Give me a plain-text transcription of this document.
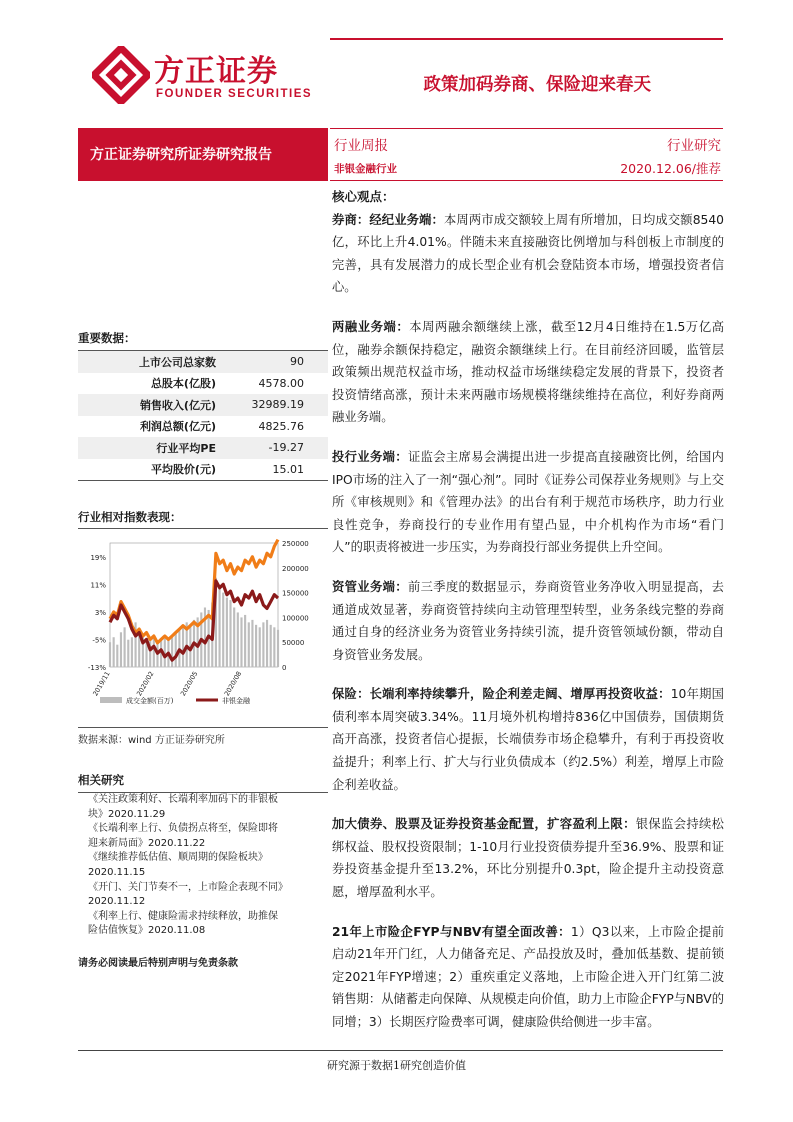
方正证券
FOUNDER SECURITIES	政策加码券商、保险迎来春天
方正证券研究所证券研究报告
行业周报	行业研究
非银金融行业	2020.12.06/推荐
核心观点：
券商：经纪业务端：本周两市成交额较上周有所增加，日均成交额8540亿，环比上升4.01%。伴随未来直接融资比例增加与科创板上市制度的完善，具有发展潜力的成长型企业有机会登陆资本市场，增强投资者信心。
两融业务端：本周两融余额继续上涨，截至12月4日维持在1.5万亿高位，融券余额保持稳定，融资余额继续上行。在目前经济回暖，监管层政策频出规范权益市场，推动权益市场继续稳定发展的背景下，投资者投资情绪高涨，预计未来两融市场规模将继续维持在高位，利好券商两融业务端。
投行业务端：证监会主席易会满提出进一步提高直接融资比例，给国内IPO市场的注入了一剂“强心剂”。同时《证券公司保荐业务规则》与上交所《审核规则》和《管理办法》的出台有利于规范市场秩序，助力行业良性竞争，券商投行的专业作用有望凸显，中介机构作为市场“看门人”的职责将被进一步压实，为券商投行部业务提供上升空间。
资管业务端：前三季度的数据显示，券商资管业务净收入明显提高，去通道成效显著，券商资管持续向主动管理型转型，业务条线完整的券商通过自身的经济业务为资管业务持续引流，提升资管领域份额，带动自身资管业务发展。
保险：长端利率持续攀升，险企利差走阔、增厚再投资收益：10年期国债利率本周突破3.34%。11月境外机构增持836亿中国债券，国债期货高开高涨，投资者信心提振，长端债券市场企稳攀升，有利于再投资收益提升；利率上行、扩大与行业负债成本（约2.5%）利差，增厚上市险企利差收益。
加大债券、股票及证券投资基金配置，扩容盈利上限：银保监会持续松绑权益、股权投资限制；1-10月行业投资债券提升至36.9%、股票和证券投资基金提升至13.2%，环比分别提升0.3pt，险企提升主动投资意愿，增厚盈利水平。
21年上市险企FYP与NBV有望全面改善：1）Q3以来，上市险企提前启动21年开门红，人力储备充足、产品投放及时，叠加低基数、提前锁定2021年FYP增速；2）重疾重定义落地，上市险企进入开门红第二波销售期：从储蓄走向保障、从规模走向价值，助力上市险企FYP与NBV的同增；3）长期医疗险费率可调，健康险供给侧进一步丰富。
重要数据：
上市公司总家数	90
总股本(亿股)	4578.00
销售收入(亿元)	32989.19
利润总额(亿元)	4825.76
行业平均PE	-19.27
平均股价(元)	15.01
行业相对指数表现：
19%
11%
3%
-5%
-13%
250000
200000
150000
100000
50000
0
2019/11	2020/02	2020/05	2020/08
成交金额(百万)	非银金融
数据来源：wind 方正证券研究所
相关研究
《关注政策利好、长端利率加码下的非银板
块》2020.11.29
《长端利率上行、负债拐点将至，保险即将
迎来新局面》2020.11.22
《继续推荐低估值、顺周期的保险板块》
2020.11.15
《开门、关门节奏不一，上市险企表现不同》
2020.11.12
《利率上行、健康险需求持续释放，助推保
险估值恢复》2020.11.08
请务必阅读最后特别声明与免责条款
研究源于数据1研究创造价值
